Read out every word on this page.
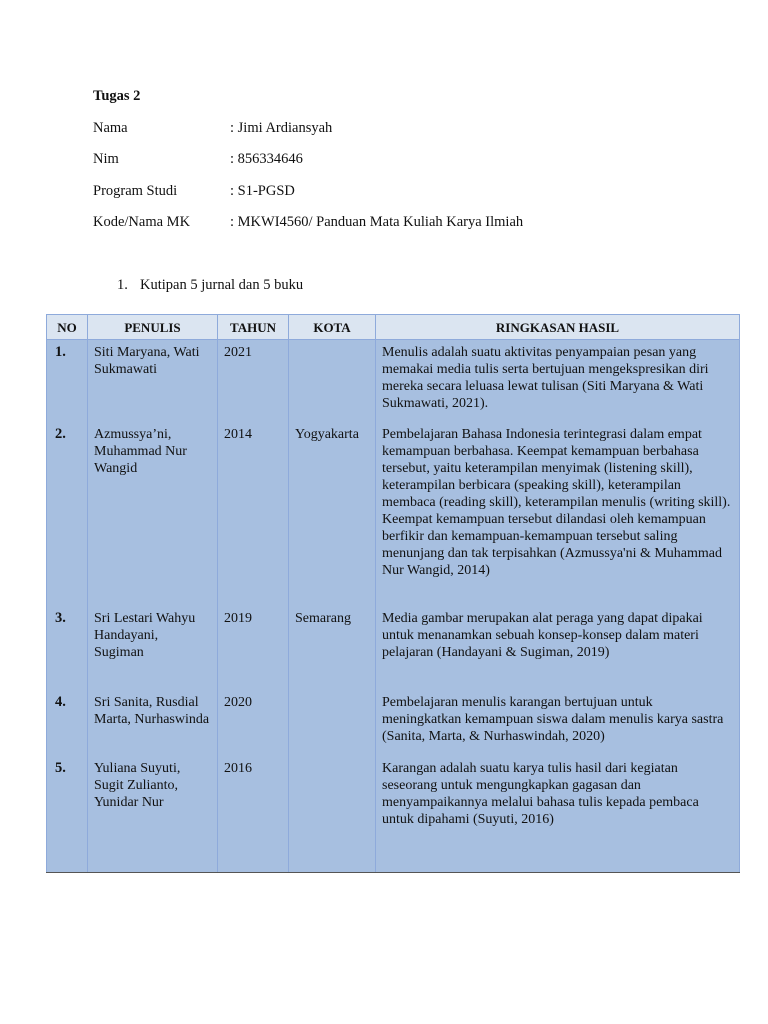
Tugas 2
Nama	: Jimi Ardiansyah
Nim	: 856334646
Program Studi	: S1-PGSD
Kode/Nama MK	: MKWI4560/ Panduan Mata Kuliah Karya Ilmiah
1. Kutipan 5 jurnal dan 5 buku
NO	PENULIS	TAHUN	KOTA	RINGKASAN HASIL
1.	Siti Maryana, Wati Sukmawati	2021		Menulis adalah suatu aktivitas penyampaian pesan yang memakai media tulis serta bertujuan mengekspresikan diri mereka secara leluasa lewat tulisan (Siti Maryana & Wati Sukmawati, 2021).
2.	Azmussya’ni, Muhammad Nur Wangid	2014	Yogyakarta	Pembelajaran Bahasa Indonesia terintegrasi dalam empat kemampuan berbahasa. Keempat kemampuan berbahasa tersebut, yaitu keterampilan menyimak (listening skill), keterampilan berbicara (speaking skill), keterampilan membaca (reading skill), keterampilan menulis (writing skill). Keempat kemampuan tersebut dilandasi oleh kemampuan berfikir dan kemampuan-kemampuan tersebut saling menunjang dan tak terpisahkan (Azmussya'ni & Muhammad Nur Wangid, 2014)
3.	Sri Lestari Wahyu Handayani, Sugiman	2019	Semarang	Media gambar merupakan alat peraga yang dapat dipakai untuk menanamkan sebuah konsep-konsep dalam materi pelajaran (Handayani & Sugiman, 2019)
4.	Sri Sanita, Rusdial Marta, Nurhaswinda	2020		Pembelajaran menulis karangan bertujuan untuk meningkatkan kemampuan siswa dalam menulis karya sastra (Sanita, Marta, & Nurhaswindah, 2020)
5.	Yuliana Suyuti, Sugit Zulianto, Yunidar Nur	2016		Karangan adalah suatu karya tulis hasil dari kegiatan seseorang untuk mengungkapkan gagasan dan menyampaikannya melalui bahasa tulis kepada pembaca untuk dipahami (Suyuti, 2016)
